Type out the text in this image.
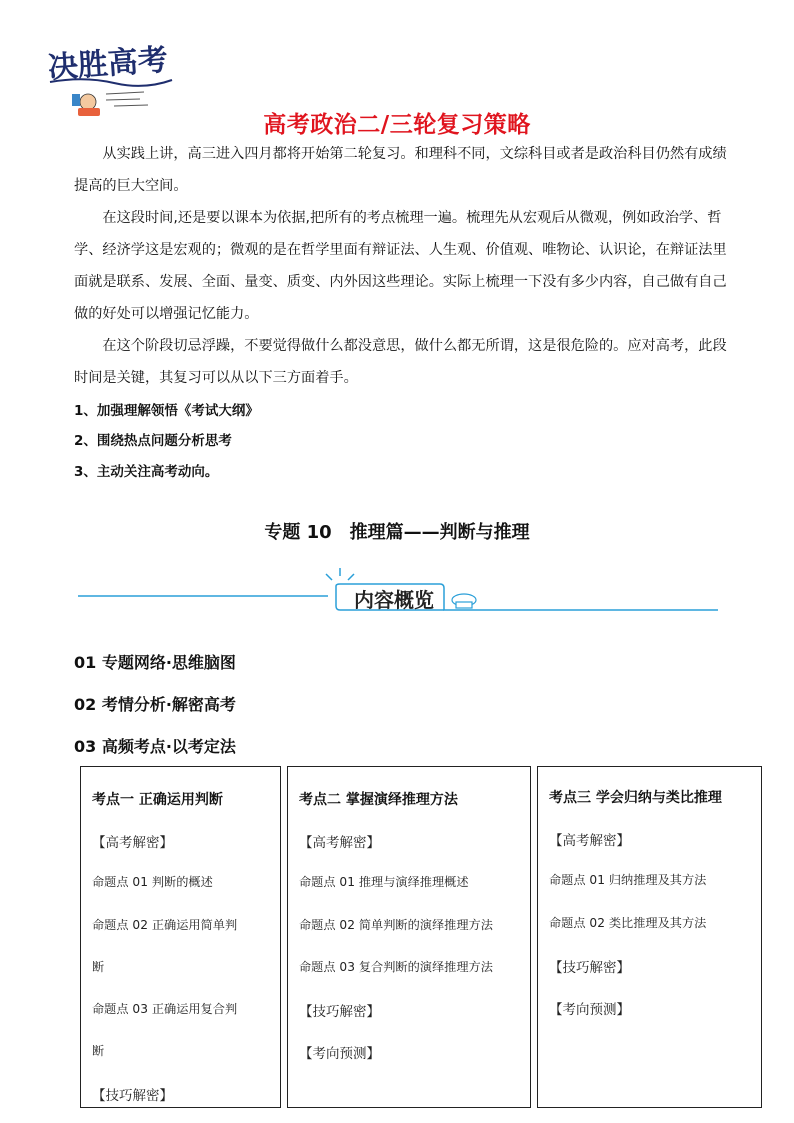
决胜高考
高考政治二/三轮复习策略

从实践上讲，高三进入四月都将开始第二轮复习。和理科不同，文综科目或者是政治科目仍然有成绩提高的巨大空间。

在这段时间,还是要以课本为依据,把所有的考点梳理一遍。梳理先从宏观后从微观，例如政治学、哲学、经济学这是宏观的；微观的是在哲学里面有辩证法、人生观、价值观、唯物论、认识论，在辩证法里面就是联系、发展、全面、量变、质变、内外因这些理论。实际上梳理一下没有多少内容，自己做有自己做的好处可以增强记忆能力。

在这个阶段切忌浮躁，不要觉得做什么都没意思，做什么都无所谓，这是很危险的。应对高考，此段时间是关键，其复习可以从以下三方面着手。

1、加强理解领悟《考试大纲》
2、围绕热点问题分析思考
3、主动关注高考动向。
专题 10　推理篇——判断与推理
内容概览
01 专题网络·思维脑图
02 考情分析·解密高考
03 高频考点·以考定法
考点一 正确运用判断
【高考解密】
命题点 01 判断的概述
命题点 02 正确运用简单判
断
命题点 03 正确运用复合判
断
【技巧解密】
考点二 掌握演绎推理方法
【高考解密】
命题点 01 推理与演绎推理概述
命题点 02 简单判断的演绎推理方法
命题点 03 复合判断的演绎推理方法
【技巧解密】
【考向预测】
考点三 学会归纳与类比推理
【高考解密】
命题点 01 归纳推理及其方法
命题点 02 类比推理及其方法
【技巧解密】
【考向预测】
